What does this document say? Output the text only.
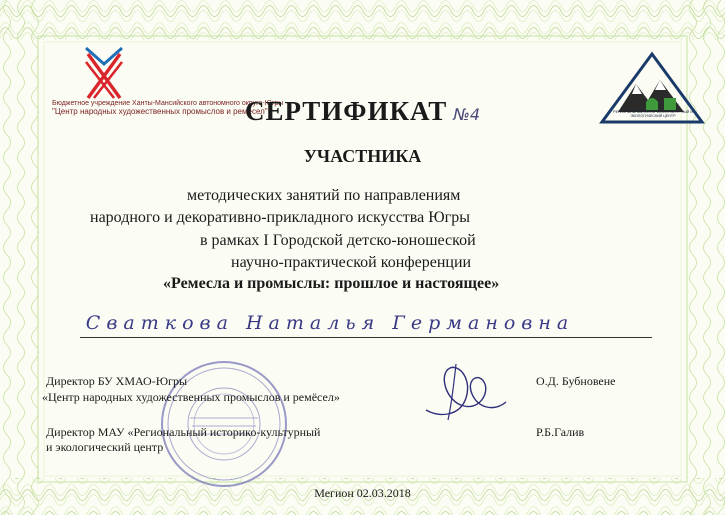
Бюджетное учреждение Ханты-Мансийского автономного округа-Югры
"Центр народных художественных промыслов и ремесел"	РЕГИОНАЛЬНЫЙ ИСТОРИКО-КУЛЬТУРНЫЙ И ЭКОЛОГИЧЕСКИЙ ЦЕНТР
СЕРТИФИКАТ №4
УЧАСТНИКА
методических занятий по направлениям
народного и декоративно-прикладного искусства Югры
в рамках I Городской детско-юношеской
научно-практической конференции
«Ремесла и промыслы: прошлое и настоящее»
Сваткова Наталья Германовна
Директор БУ ХМАО-Югры
«Центр народных художественных промыслов и ремёсел»
О.Д. Бубновене
Директор МАУ «Региональный историко-культурный
и экологический центр
Р.Б.Галив
Мегион 02.03.2018
